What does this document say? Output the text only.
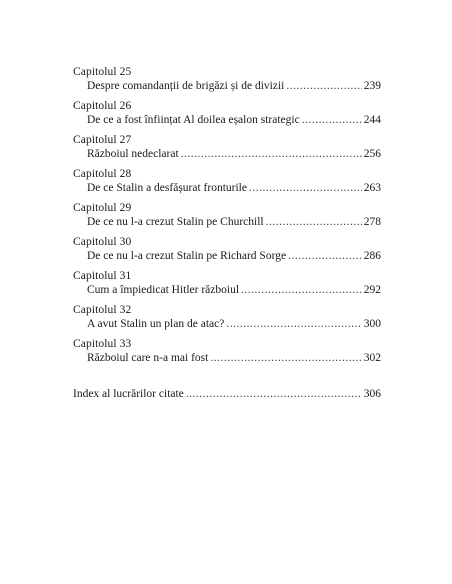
Capitolul 25
Despre comandanții de brigăzi și de divizii .....	239
Capitolul 26
De ce a fost înființat Al doilea eșalon strategic .....	244
Capitolul 27
Războiul nedeclarat .....	256
Capitolul 28
De ce Stalin a desfășurat fronturile .....	263
Capitolul 29
De ce nu l-a crezut Stalin pe Churchill .....	278
Capitolul 30
De ce nu l-a crezut Stalin pe Richard Sorge .....	286
Capitolul 31
Cum a împiedicat Hitler războiul .....	292
Capitolul 32
A avut Stalin un plan de atac? .....	300
Capitolul 33
Războiul care n-a mai fost .....	302
Index al lucrărilor citate .....	306
